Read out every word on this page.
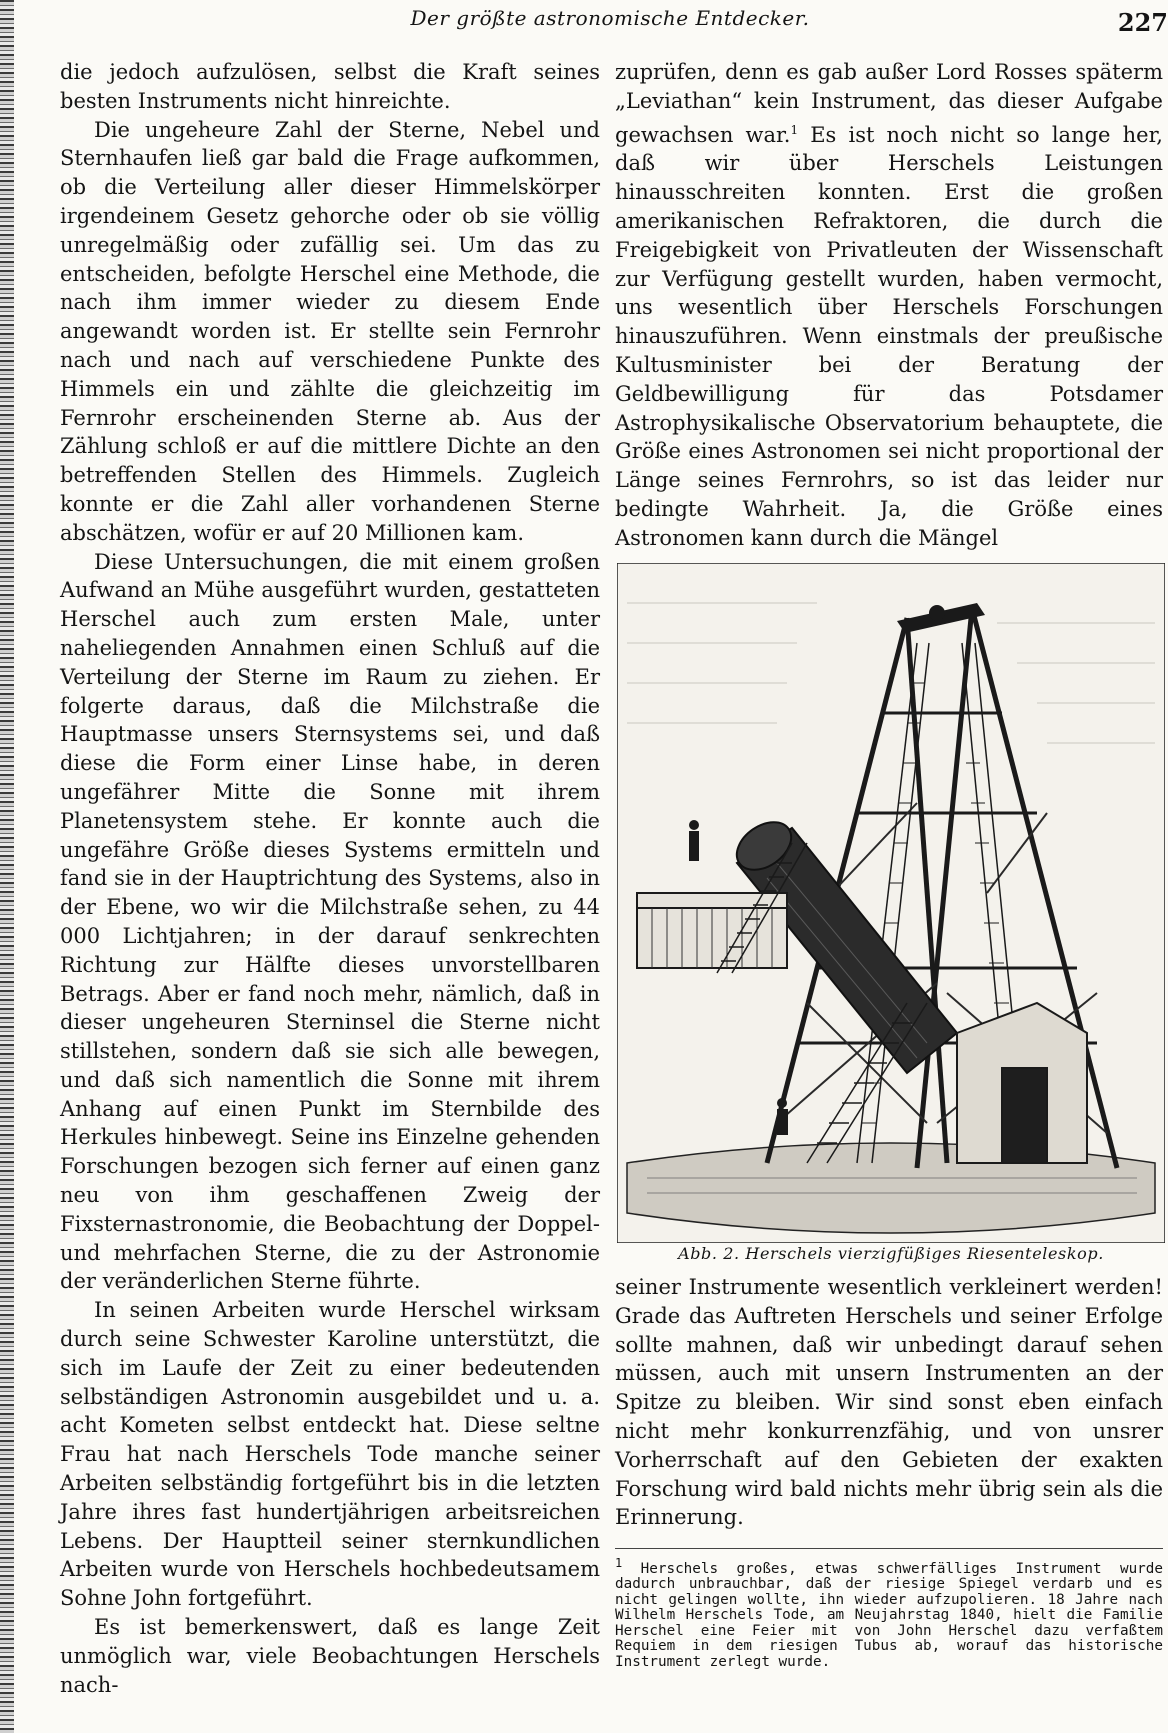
Der größte astronomische Entdecker.	227

die jedoch aufzulösen, selbst die Kraft seines besten Instruments nicht hinreichte.

Die ungeheure Zahl der Sterne, Nebel und Sternhaufen ließ gar bald die Frage aufkommen, ob die Verteilung aller dieser Himmelskörper irgendeinem Gesetz gehorche oder ob sie völlig unregelmäßig oder zufällig sei. Um das zu entscheiden, befolgte Herschel eine Methode, die nach ihm immer wieder zu diesem Ende angewandt worden ist. Er stellte sein Fernrohr nach und nach auf verschiedene Punkte des Himmels ein und zählte die gleichzeitig im Fernrohr erscheinenden Sterne ab. Aus der Zählung schloß er auf die mittlere Dichte an den betreffenden Stellen des Himmels. Zugleich konnte er die Zahl aller vorhandenen Sterne abschätzen, wofür er auf 20 Millionen kam.

Diese Untersuchungen, die mit einem großen Aufwand an Mühe ausgeführt wurden, gestatteten Herschel auch zum ersten Male, unter naheliegenden Annahmen einen Schluß auf die Verteilung der Sterne im Raum zu ziehen. Er folgerte daraus, daß die Milchstraße die Hauptmasse unsers Sternsystems sei, und daß diese die Form einer Linse habe, in deren ungefährer Mitte die Sonne mit ihrem Planetensystem stehe. Er konnte auch die ungefähre Größe dieses Systems ermitteln und fand sie in der Hauptrichtung des Systems, also in der Ebene, wo wir die Milchstraße sehen, zu 44 000 Lichtjahren; in der darauf senkrechten Richtung zur Hälfte dieses unvorstellbaren Betrags. Aber er fand noch mehr, nämlich, daß in dieser ungeheuren Sterninsel die Sterne nicht stillstehen, sondern daß sie sich alle bewegen, und daß sich namentlich die Sonne mit ihrem Anhang auf einen Punkt im Sternbilde des Herkules hinbewegt. Seine ins Einzelne gehenden Forschungen bezogen sich ferner auf einen ganz neu von ihm geschaffenen Zweig der Fixsternastronomie, die Beobachtung der Doppel- und mehrfachen Sterne, die zu der Astronomie der veränderlichen Sterne führte.

In seinen Arbeiten wurde Herschel wirksam durch seine Schwester Karoline unterstützt, die sich im Laufe der Zeit zu einer bedeutenden selbständigen Astronomin ausgebildet und u. a. acht Kometen selbst entdeckt hat. Diese seltne Frau hat nach Herschels Tode manche seiner Arbeiten selbständig fortgeführt bis in die letzten Jahre ihres fast hundertjährigen arbeitsreichen Lebens. Der Hauptteil seiner sternkundlichen Arbeiten wurde von Herschels hochbedeutsamem Sohne John fortgeführt.

Es ist bemerkenswert, daß es lange Zeit unmöglich war, viele Beobachtungen Herschels nach-

zuprüfen, denn es gab außer Lord Rosses späterm „Leviathan“ kein Instrument, das dieser Aufgabe gewachsen war.$^1$ Es ist noch nicht so lange her, daß wir über Herschels Leistungen hinausschreiten konnten. Erst die großen amerikanischen Refraktoren, die durch die Freigebigkeit von Privatleuten der Wissenschaft zur Verfügung gestellt wurden, haben vermocht, uns wesentlich über Herschels Forschungen hinauszuführen. Wenn einstmals der preußische Kultusminister bei der Beratung der Geldbewilligung für das Potsdamer Astrophysikalische Observatorium behauptete, die Größe eines Astronomen sei nicht proportional der Länge seines Fernrohrs, so ist das leider nur bedingte Wahrheit. Ja, die Größe eines Astronomen kann durch die Mängel

Abb. 2. Herschels vierzigfüßiges Riesenteleskop.

seiner Instrumente wesentlich verkleinert werden! Grade das Auftreten Herschels und seiner Erfolge sollte mahnen, daß wir unbedingt darauf sehen müssen, auch mit unsern Instrumenten an der Spitze zu bleiben. Wir sind sonst eben einfach nicht mehr konkurrenzfähig, und von unsrer Vorherrschaft auf den Gebieten der exakten Forschung wird bald nichts mehr übrig sein als die Erinnerung.

$^1$ Herschels großes, etwas schwerfälliges Instrument wurde dadurch unbrauchbar, daß der riesige Spiegel verdarb und es nicht gelingen wollte, ihn wieder aufzupolieren. 18 Jahre nach Wilhelm Herschels Tode, am Neujahrstag 1840, hielt die Familie Herschel eine Feier mit von John Herschel dazu verfaßtem Requiem in dem riesigen Tubus ab, worauf das historische Instrument zerlegt wurde.
